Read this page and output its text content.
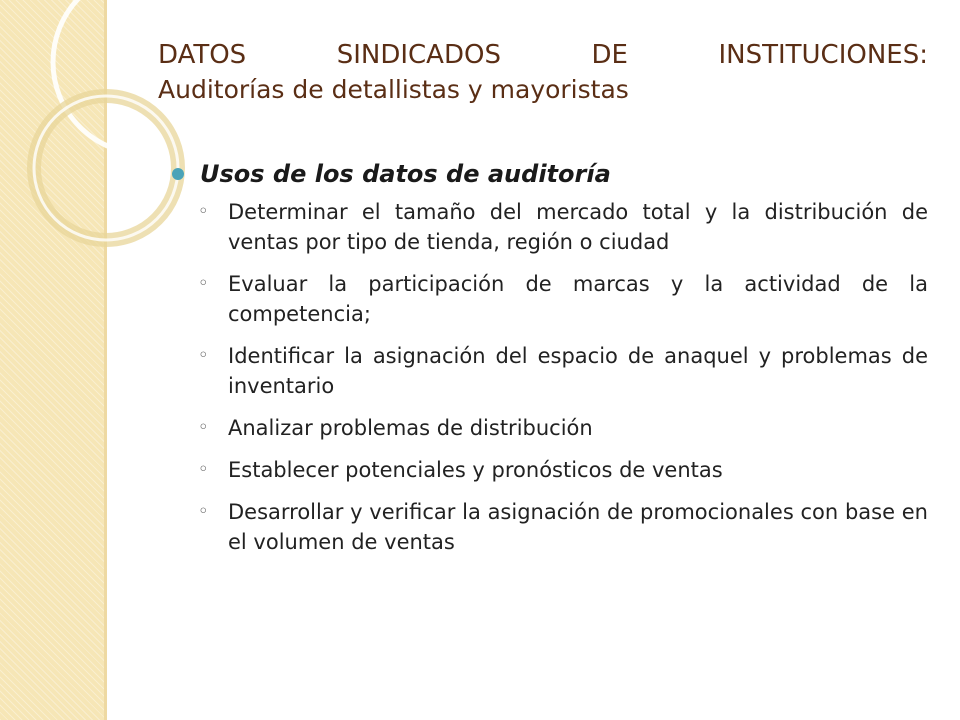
DATOS SINDICADOS DE INSTITUCIONES:
Auditorías de detallistas y mayoristas
Usos de los datos de auditoría
◦ Determinar el tamaño del mercado total y la distribución de ventas por tipo de tienda, región o ciudad
◦ Evaluar la participación de marcas y la actividad de la competencia;
◦ Identificar la asignación del espacio de anaquel y problemas de inventario
◦ Analizar problemas de distribución
◦ Establecer potenciales y pronósticos de ventas
◦ Desarrollar y verificar la asignación de promocionales con base en el volumen de ventas
